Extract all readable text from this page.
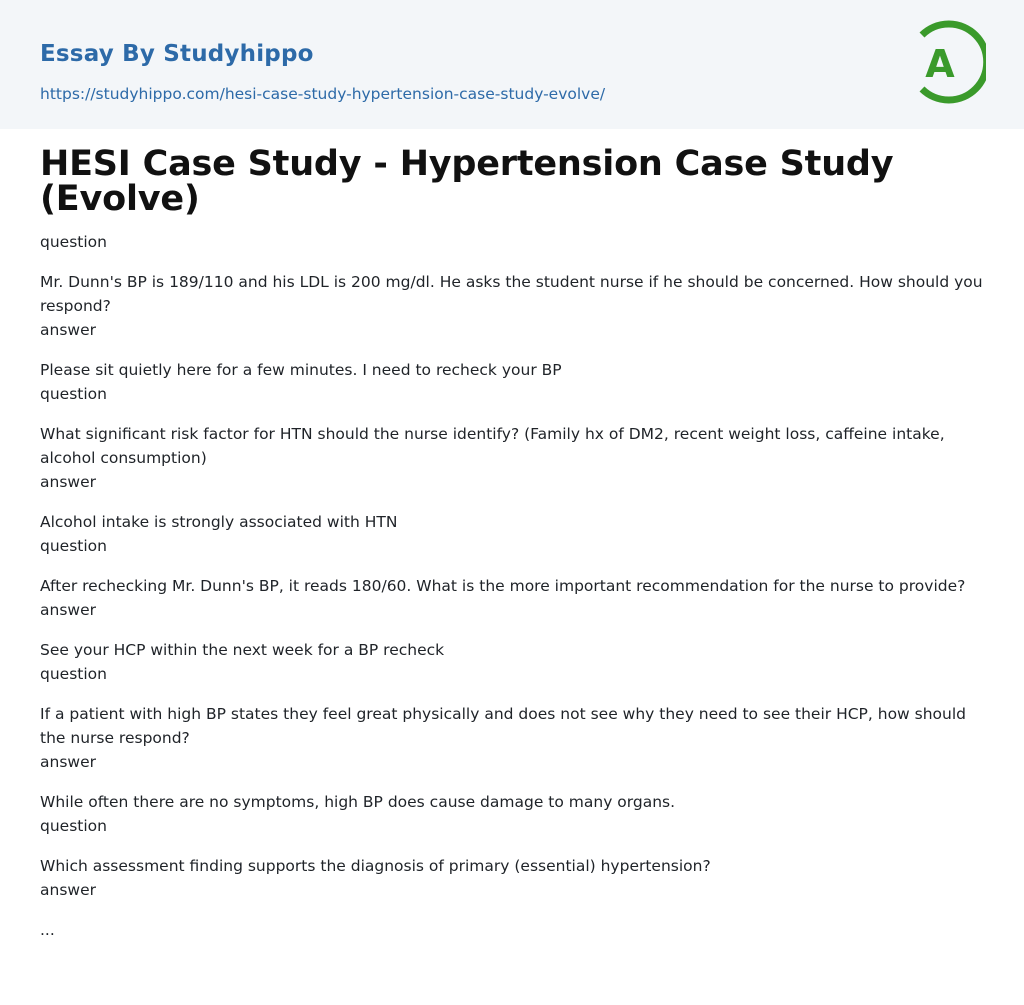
Essay By Studyhippo
https://studyhippo.com/hesi-case-study-hypertension-case-study-evolve/
A
HESI Case Study - Hypertension Case Study (Evolve)
question
Mr. Dunn's BP is 189/110 and his LDL is 200 mg/dl. He asks the student nurse if he should be concerned. How should you respond?
answer
Please sit quietly here for a few minutes. I need to recheck your BP
question
What significant risk factor for HTN should the nurse identify? (Family hx of DM2, recent weight loss, caffeine intake, alcohol consumption)
answer
Alcohol intake is strongly associated with HTN
question
After rechecking Mr. Dunn's BP, it reads 180/60. What is the more important recommendation for the nurse to provide?
answer
See your HCP within the next week for a BP recheck
question
If a patient with high BP states they feel great physically and does not see why they need to see their HCP, how should the nurse respond?
answer
While often there are no symptoms, high BP does cause damage to many organs.
question
Which assessment finding supports the diagnosis of primary (essential) hypertension?
answer
...
